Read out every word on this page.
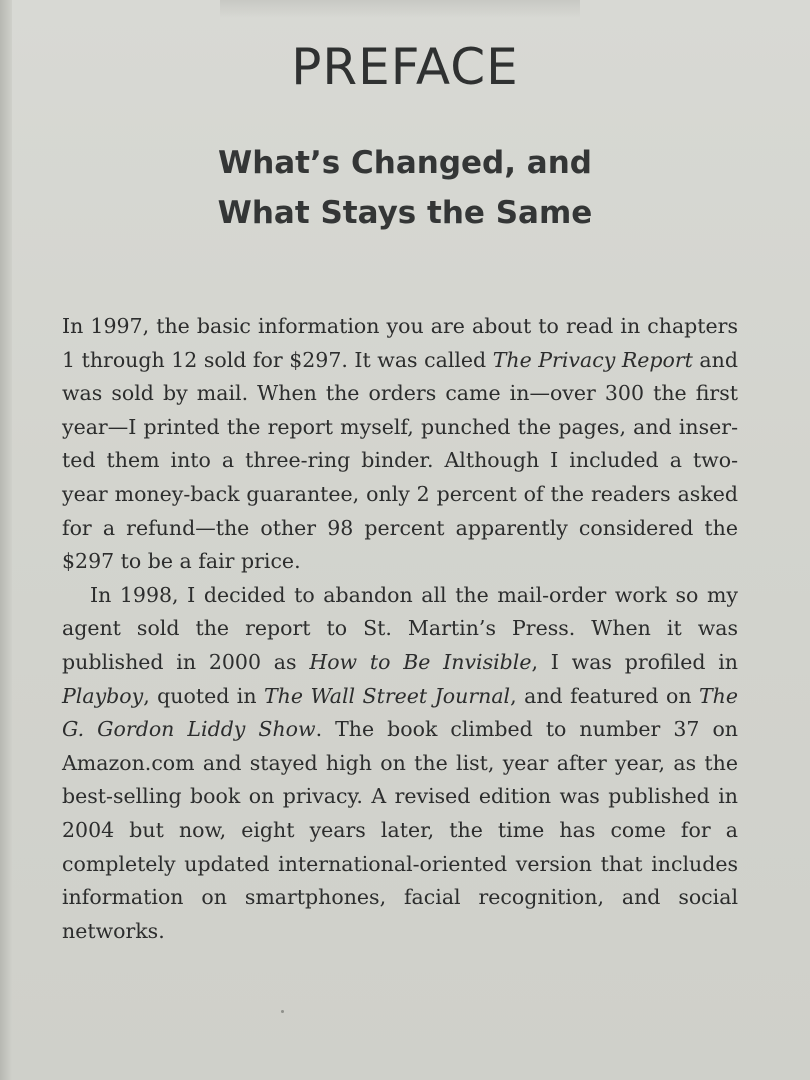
PREFACE
What’s Changed, and
What Stays the Same

In 1997, the basic information you are about to read in chapters 1 through 12 sold for $297. It was called The Privacy Report and was sold by mail. When the orders came in—over 300 the first year—I printed the report myself, punched the pages, and inserted them into a three-ring binder. Although I included a two-year money-back guarantee, only 2 percent of the readers asked for a refund—the other 98 percent apparently considered the $297 to be a fair price.

In 1998, I decided to abandon all the mail-order work so my agent sold the report to St. Martin’s Press. When it was published in 2000 as How to Be Invisible, I was profiled in Playboy, quoted in The Wall Street Journal, and featured on The G. Gordon Liddy Show. The book climbed to number 37 on Amazon.com and stayed high on the list, year after year, as the best-selling book on privacy. A revised edition was published in 2004 but now, eight years later, the time has come for a completely updated international-oriented version that includes information on smartphones, facial recognition, and social networks.
